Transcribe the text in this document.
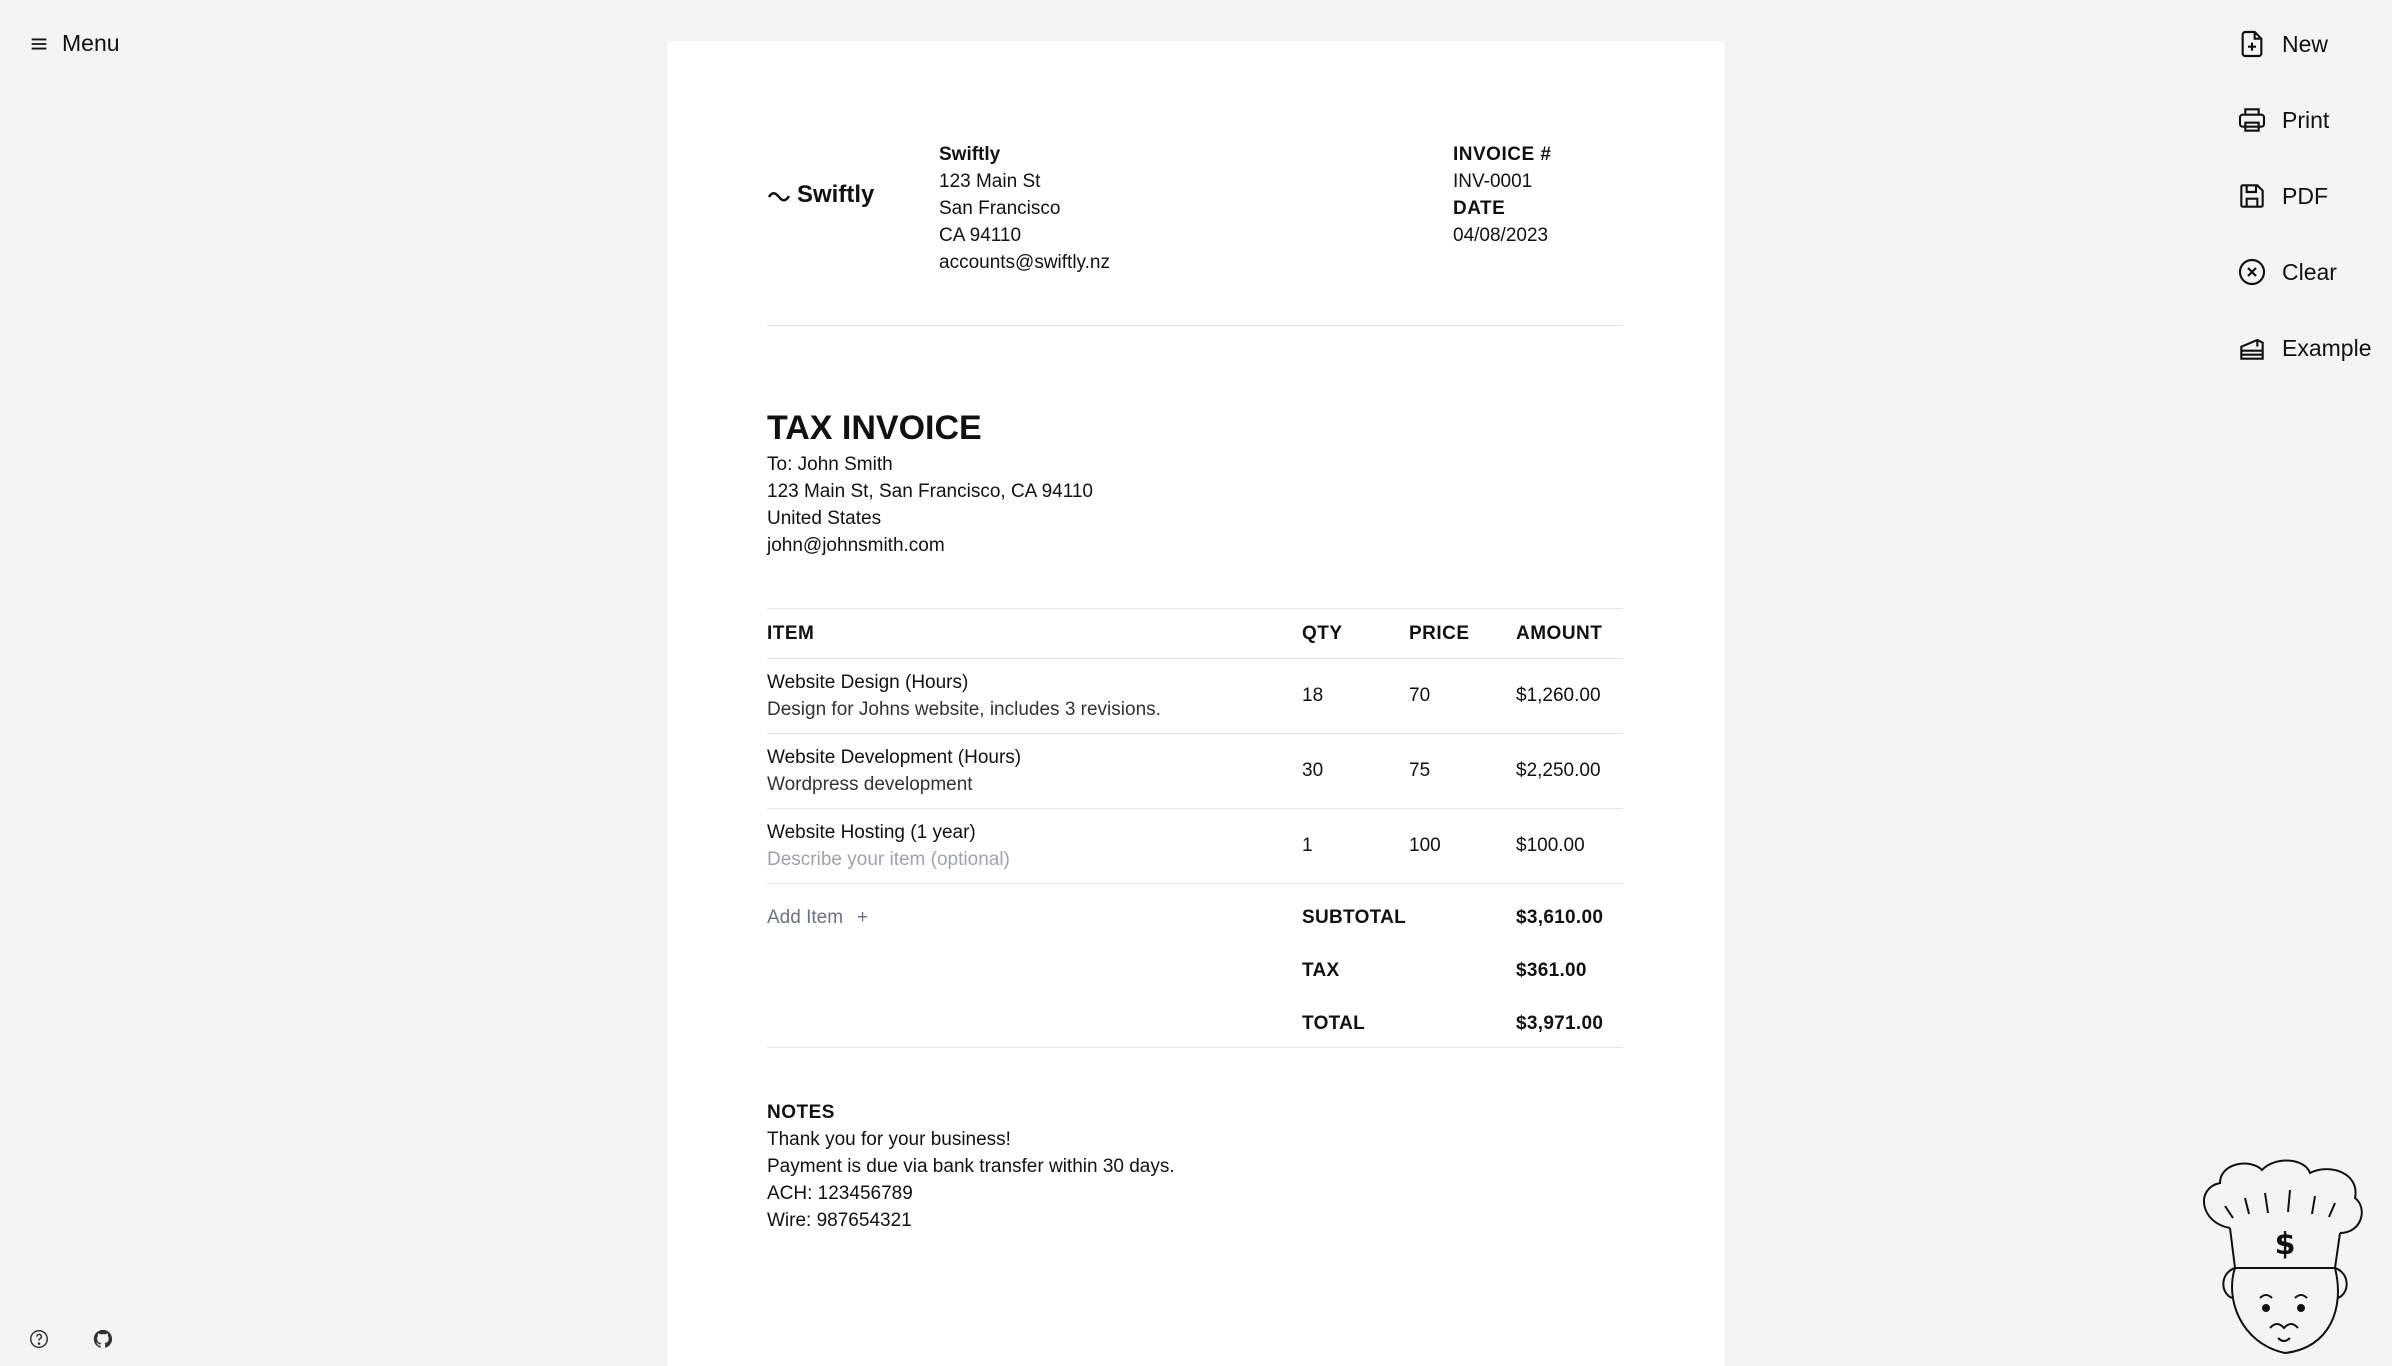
Menu	New
Print
PDF
Clear
Example
Swiftly
Swiftly
123 Main St
San Francisco
CA 94110
accounts@swiftly.nz
INVOICE #
INV-0001
DATE
04/08/2023
TAX INVOICE
To: John Smith
123 Main St, San Francisco, CA 94110
United States
john@johnsmith.com
ITEM	QTY	PRICE	AMOUNT

Website Design (Hours)
Design for Johns website, includes 3 revisions.	18	70	$1,260.00

Website Development (Hours)
Wordpress development	30	75	$2,250.00

Website Hosting (1 year)
Describe your item (optional)	1	100	$100.00
Add Item +	SUBTOTAL	$3,610.00
TAX	$361.00
TOTAL	$3,971.00
NOTES
Thank you for your business!
Payment is due via bank transfer within 30 days.
ACH: 123456789
Wire: 987654321
$
